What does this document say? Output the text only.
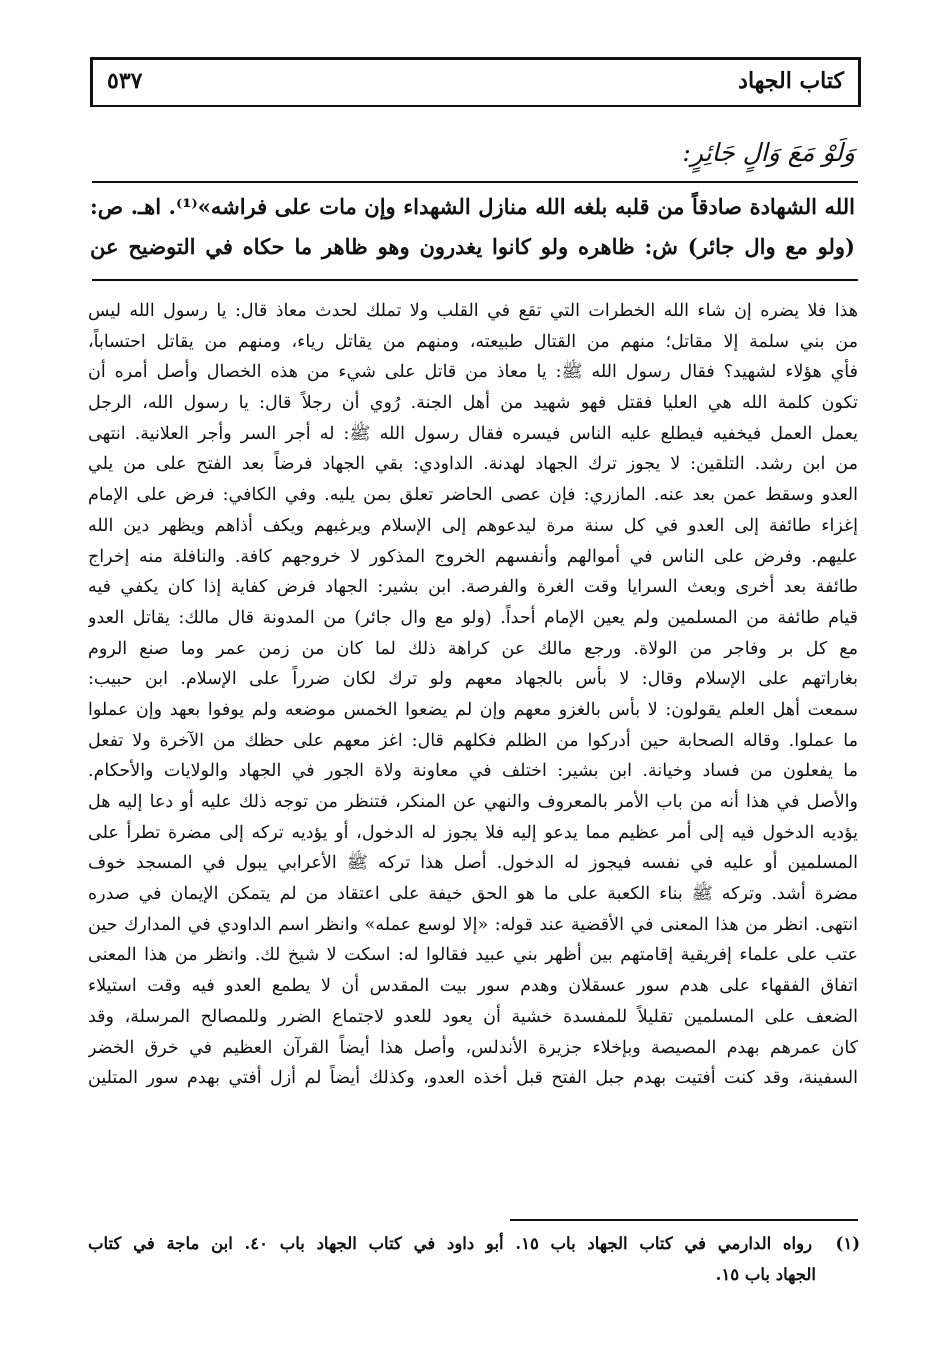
كتاب الجهاد
٥٣٧
وَلَوْ مَعَ وَالٍ جَائِرٍ:
الله الشهادة صادقاً من قلبه بلغه الله منازل الشهداء وإن مات على فراشه»⁽¹⁾. اهـ. ص:
(ولو مع وال جائر) ش: ظاهره ولو كانوا يغدرون وهو ظاهر ما حكاه في التوضيح عن
هذا فلا يضره إن شاء الله الخطرات التي تقع في القلب ولا تملك لحدث معاذ قال: يا رسول الله ليس
من بني سلمة إلا مقاتل؛ منهم من القتال طبيعته، ومنهم من يقاتل رياء، ومنهم من يقاتل احتساباً،
فأي هؤلاء لشهيد؟ فقال رسول الله ﷺ: يا معاذ من قاتل على شيء من هذه الخصال وأصل أمره أن
تكون كلمة الله هي العليا فقتل فهو شهيد من أهل الجنة. رُوي أن رجلاً قال: يا رسول الله، الرجل
يعمل العمل فيخفيه فيطلع عليه الناس فيسره فقال رسول الله ﷺ: له أجر السر وأجر العلانية. انتهى
من ابن رشد. التلقين: لا يجوز ترك الجهاد لهدنة. الداودي: بقي الجهاد فرضاً بعد الفتح على من يلي
العدو وسقط عمن بعد عنه. المازري: فإن عصى الحاضر تعلق بمن يليه. وفي الكافي: فرض على الإمام
إغزاء طائفة إلى العدو في كل سنة مرة ليدعوهم إلى الإسلام ويرغبهم ويكف أذاهم ويظهر دين الله
عليهم. وفرض على الناس في أموالهم وأنفسهم الخروج المذكور لا خروجهم كافة. والنافلة منه إخراج
طائفة بعد أخرى وبعث السرايا وقت الغرة والفرصة. ابن بشير: الجهاد فرض كفاية إذا كان يكفي فيه
قيام طائفة من المسلمين ولم يعين الإمام أحداً. (ولو مع وال جائر) من المدونة قال مالك: يقاتل العدو
مع كل بر وفاجر من الولاة. ورجع مالك عن كراهة ذلك لما كان من زمن عمر وما صنع الروم
بغاراتهم على الإسلام وقال: لا بأس بالجهاد معهم ولو ترك لكان ضرراً على الإسلام. ابن حبيب:
سمعت أهل العلم يقولون: لا بأس بالغزو معهم وإن لم يضعوا الخمس موضعه ولم يوفوا بعهد وإن عملوا
ما عملوا. وقاله الصحابة حين أدركوا من الظلم فكلهم قال: اغز معهم على حظك من الآخرة ولا تفعل
ما يفعلون من فساد وخيانة. ابن بشير: اختلف في معاونة ولاة الجور في الجهاد والولايات والأحكام.
والأصل في هذا أنه من باب الأمر بالمعروف والنهي عن المنكر، فتنظر من توجه ذلك عليه أو دعا إليه هل
يؤديه الدخول فيه إلى أمر عظيم مما يدعو إليه فلا يجوز له الدخول، أو يؤديه تركه إلى مضرة تطرأ على
المسلمين أو عليه في نفسه فيجوز له الدخول. أصل هذا تركه ﷺ الأعرابي يبول في المسجد خوف
مضرة أشد. وتركه ﷺ بناء الكعبة على ما هو الحق خيفة على اعتقاد من لم يتمكن الإيمان في صدره
انتهى. انظر من هذا المعنى في الأقضية عند قوله: «إلا لوسع عمله» وانظر اسم الداودي في المدارك حين
عتب على علماء إفريقية إقامتهم بين أظهر بني عبيد فقالوا له: اسكت لا شيخ لك. وانظر من هذا المعنى
اتفاق الفقهاء على هدم سور عسقلان وهدم سور بيت المقدس أن لا يطمع العدو فيه وقت استيلاء
الضعف على المسلمين تقليلاً للمفسدة خشية أن يعود للعدو لاجتماع الضرر وللمصالح المرسلة، وقد
كان عمرهم بهدم المصيصة وبإخلاء جزيرة الأندلس، وأصل هذا أيضاً القرآن العظيم في خرق الخضر
السفينة، وقد كنت أفتيت بهدم جبل الفتح قبل أخذه العدو، وكذلك أيضاً لم أزل أفتي بهدم سور المتلين
(١)  رواه الدارمي في كتاب الجهاد باب ١٥. أبو داود في كتاب الجهاد باب ٤٠. ابن ماجة في كتاب
الجهاد باب ١٥.
